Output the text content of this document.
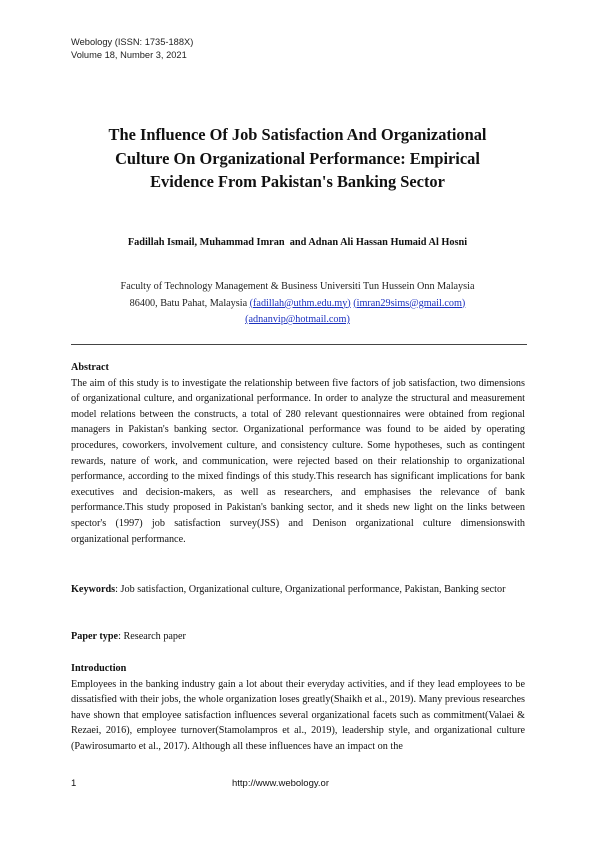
Webology (ISSN: 1735-188X)
Volume 18, Number 3, 2021
The Influence Of Job Satisfaction And Organizational
Culture On Organizational Performance: Empirical
Evidence From Pakistan's Banking Sector
Fadillah Ismail, Muhammad Imran  and Adnan Ali Hassan Humaid Al Hosni
Faculty of Technology Management & Business Universiti Tun Hussein Onn Malaysia
86400, Batu Pahat, Malaysia (fadillah@uthm.edu.my) (imran29sims@gmail.com)
(adnanvip@hotmail.com)
Abstract
The aim of this study is to investigate the relationship between five factors of job satisfaction, two dimensions of organizational culture, and organizational performance. In order to analyze the structural and measurement model relations between the constructs, a total of 280 relevant questionnaires were obtained from regional managers in Pakistan's banking sector. Organizational performance was found to be aided by operating procedures, coworkers, involvement culture, and consistency culture. Some hypotheses, such as contingent rewards, nature of work, and communication, were rejected based on their relationship to organizational performance, according to the mixed findings of this study.This research has significant implications for bank executives and decision-makers, as well as researchers, and emphasises the relevance of bank performance.This study proposed in Pakistan's banking sector, and it sheds new light on the links between spector's (1997) job satisfaction survey(JSS) and Denison organizational culture dimensionswith organizational performance.
Keywords: Job satisfaction, Organizational culture, Organizational performance, Pakistan, Banking sector
Paper type: Research paper
Introduction
Employees in the banking industry gain a lot about their everyday activities, and if they lead employees to be dissatisfied with their jobs, the whole organization loses greatly(Shaikh et al., 2019). Many previous researches have shown that employee satisfaction influences several organizational facets such as commitment(Valaei & Rezaei, 2016), employee turnover(Stamolampros et al., 2019), leadership style, and organizational culture (Pawirosumarto et al., 2017). Although all these influences have an impact on the
1	http://www.webology.or
